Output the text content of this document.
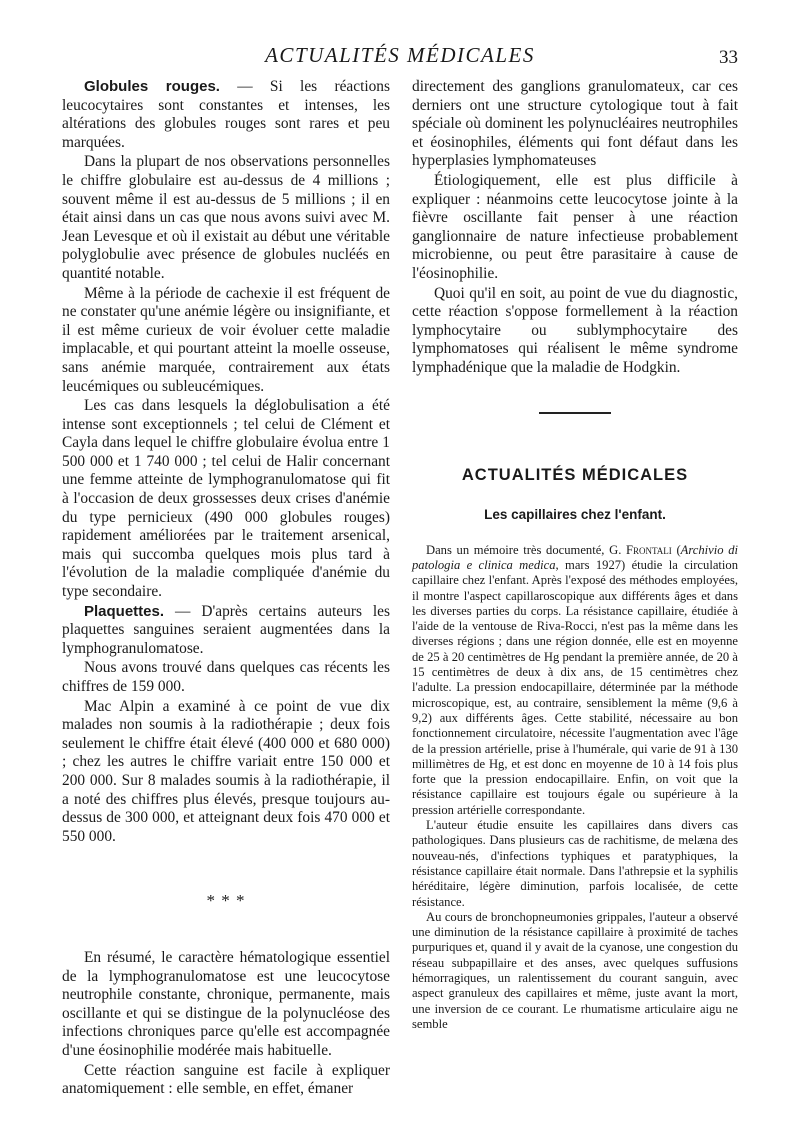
ACTUALITÉS MÉDICALES	33

Globules rouges. — Si les réactions leucocytaires sont constantes et intenses, les altérations des globules rouges sont rares et peu marquées.

Dans la plupart de nos observations personnelles le chiffre globulaire est au-dessus de 4 millions ; souvent même il est au-dessus de 5 millions ; il en était ainsi dans un cas que nous avons suivi avec M. Jean Levesque et où il existait au début une véritable polyglobulie avec présence de globules nucléés en quantité notable.

Même à la période de cachexie il est fréquent de ne constater qu'une anémie légère ou insignifiante, et il est même curieux de voir évoluer cette maladie implacable, et qui pourtant atteint la moelle osseuse, sans anémie marquée, contrairement aux états leucémiques ou subleucémiques.

Les cas dans lesquels la déglobulisation a été intense sont exceptionnels ; tel celui de Clément et Cayla dans lequel le chiffre globulaire évolua entre 1 500 000 et 1 740 000 ; tel celui de Halir concernant une femme atteinte de lymphogranulomatose qui fit à l'occasion de deux grossesses deux crises d'anémie du type pernicieux (490 000 globules rouges) rapidement améliorées par le traitement arsenical, mais qui succomba quelques mois plus tard à l'évolution de la maladie compliquée d'anémie du type secondaire.

Plaquettes. — D'après certains auteurs les plaquettes sanguines seraient augmentées dans la lymphogranulomatose.

Nous avons trouvé dans quelques cas récents les chiffres de 159 000.

Mac Alpin a examiné à ce point de vue dix malades non soumis à la radiothérapie ; deux fois seulement le chiffre était élevé (400 000 et 680 000) ; chez les autres le chiffre variait entre 150 000 et 200 000. Sur 8 malades soumis à la radiothérapie, il a noté des chiffres plus élevés, presque toujours au-dessus de 300 000, et atteignant deux fois 470 000 et 550 000.

* * *

En résumé, le caractère hématologique essentiel de la lymphogranulomatose est une leucocytose neutrophile constante, chronique, permanente, mais oscillante et qui se distingue de la polynucléose des infections chroniques parce qu'elle est accompagnée d'une éosinophilie modérée mais habituelle.

Cette réaction sanguine est facile à expliquer anatomiquement : elle semble, en effet, émaner

directement des ganglions granulomateux, car ces derniers ont une structure cytologique tout à fait spéciale où dominent les polynucléaires neutrophiles et éosinophiles, éléments qui font défaut dans les hyperplasies lymphomateuses

Étiologiquement, elle est plus difficile à expliquer : néanmoins cette leucocytose jointe à la fièvre oscillante fait penser à une réaction ganglionnaire de nature infectieuse probablement microbienne, ou peut être parasitaire à cause de l'éosinophilie.

Quoi qu'il en soit, au point de vue du diagnostic, cette réaction s'oppose formellement à la réaction lymphocytaire ou sublymphocytaire des lymphomatoses qui réalisent le même syndrome lymphadénique que la maladie de Hodgkin.

ACTUALITÉS MÉDICALES
Les capillaires chez l'enfant.

Dans un mémoire très documenté, G. Frontali (Archivio di patologia e clinica medica, mars 1927) étudie la circulation capillaire chez l'enfant. Après l'exposé des méthodes employées, il montre l'aspect capillaroscopique aux différents âges et dans les diverses parties du corps. La résistance capillaire, étudiée à l'aide de la ventouse de Riva-Rocci, n'est pas la même dans les diverses régions ; dans une région donnée, elle est en moyenne de 25 à 20 centimètres de Hg pendant la première année, de 20 à 15 centimètres de deux à dix ans, de 15 centimètres chez l'adulte. La pression endocapillaire, déterminée par la méthode microscopique, est, au contraire, sensiblement la même (9,6 à 9,2) aux différents âges. Cette stabilité, nécessaire au bon fonctionnement circulatoire, nécessite l'augmentation avec l'âge de la pression artérielle, prise à l'humérale, qui varie de 91 à 130 millimètres de Hg, et est donc en moyenne de 10 à 14 fois plus forte que la pression endocapillaire. Enfin, on voit que la résistance capillaire est toujours égale ou supérieure à la pression artérielle correspondante.

L'auteur étudie ensuite les capillaires dans divers cas pathologiques. Dans plusieurs cas de rachitisme, de melæna des nouveau-nés, d'infections typhiques et paratyphiques, la résistance capillaire était normale. Dans l'athrepsie et la syphilis héréditaire, légère diminution, parfois localisée, de cette résistance.

Au cours de bronchopneumonies grippales, l'auteur a observé une diminution de la résistance capillaire à proximité de taches purpuriques et, quand il y avait de la cyanose, une congestion du réseau subpapillaire et des anses, avec quelques suffusions hémorragiques, un ralentissement du courant sanguin, avec aspect granuleux des capillaires et même, juste avant la mort, une inversion de ce courant. Le rhumatisme articulaire aigu ne semble
